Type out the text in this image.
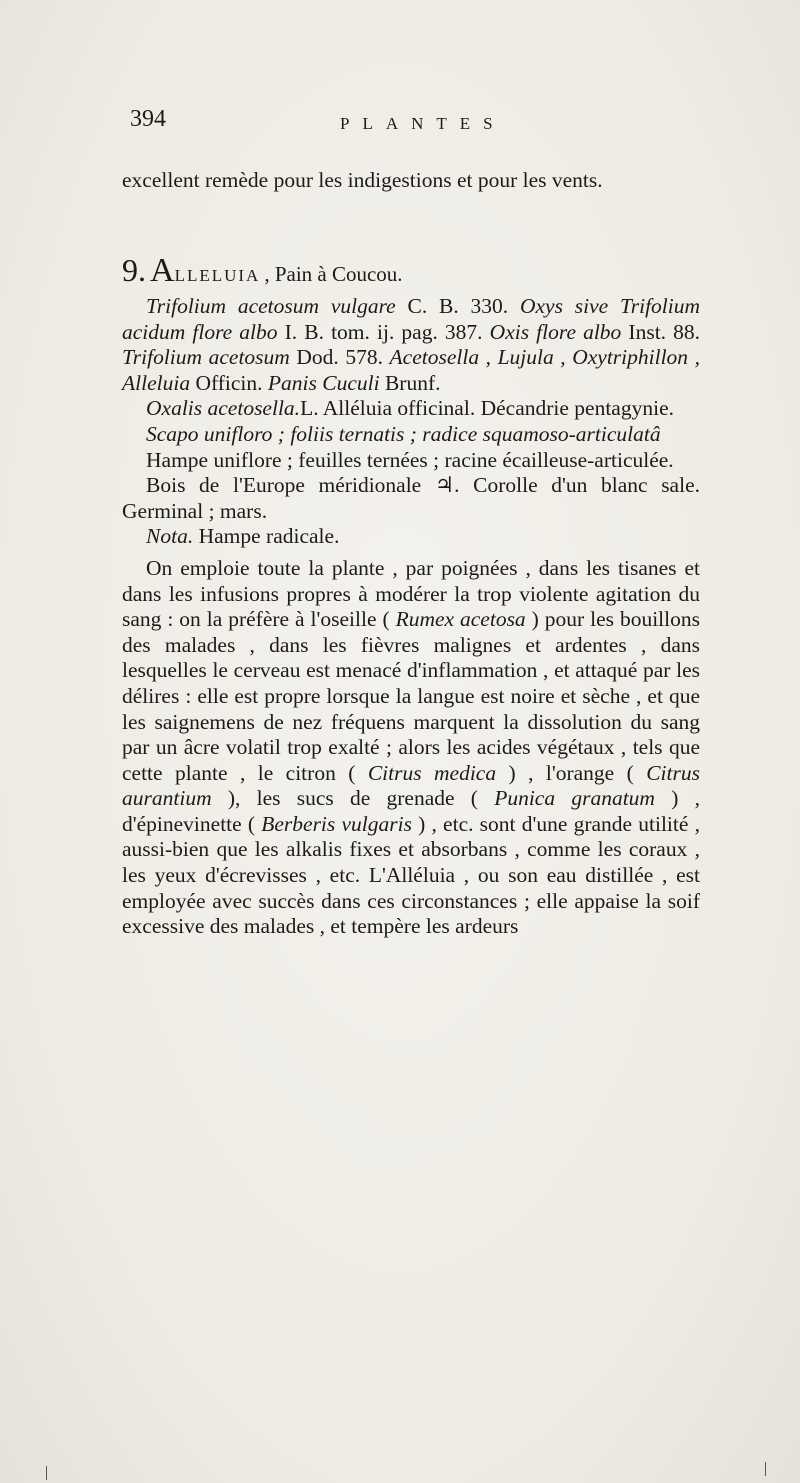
394	PLANTES

excellent remède pour les indigestions et pour les vents.

9. ALLELUIA , Pain à Coucou.

Trifolium acetosum vulgare C. B. 330. Oxys sive Trifolium acidum flore albo I. B. tom. ij. pag. 387. Oxis flore albo Inst. 88. Trifolium acetosum Dod. 578. Acetosella , Lujula , Oxytriphillon , Alleluia Officin. Panis Cuculi Brunf.

Oxalis acetosella.L. Alléluia officinal. Décandrie pentagynie.

Scapo unifloro ; foliis ternatis ; radice squamoso-articulatâ

Hampe uniflore ; feuilles ternées ; racine écailleuse-articulée.

Bois de l'Europe méridionale ♃. Corolle d'un blanc sale. Germinal ; mars.

Nota. Hampe radicale.

On emploie toute la plante , par poignées , dans les tisanes et dans les infusions propres à modérer la trop violente agitation du sang : on la préfère à l'oseille ( Rumex acetosa ) pour les bouillons des malades , dans les fièvres malignes et ardentes , dans lesquelles le cerveau est menacé d'inflammation , et attaqué par les délires : elle est propre lorsque la langue est noire et sèche , et que les saignemens de nez fréquens marquent la dissolution du sang par un âcre volatil trop exalté ; alors les acides végétaux , tels que cette plante , le citron ( Citrus medica ) , l'orange ( Citrus aurantium ), les sucs de grenade ( Punica granatum ) , d'épinevinette ( Berberis vulgaris ) , etc. sont d'une grande utilité , aussi-bien que les alkalis fixes et absorbans , comme les coraux , les yeux d'écrevisses , etc. L'Alléluia , ou son eau distillée , est employée avec succès dans ces circonstances ; elle appaise la soif excessive des malades , et tempère les ardeurs
